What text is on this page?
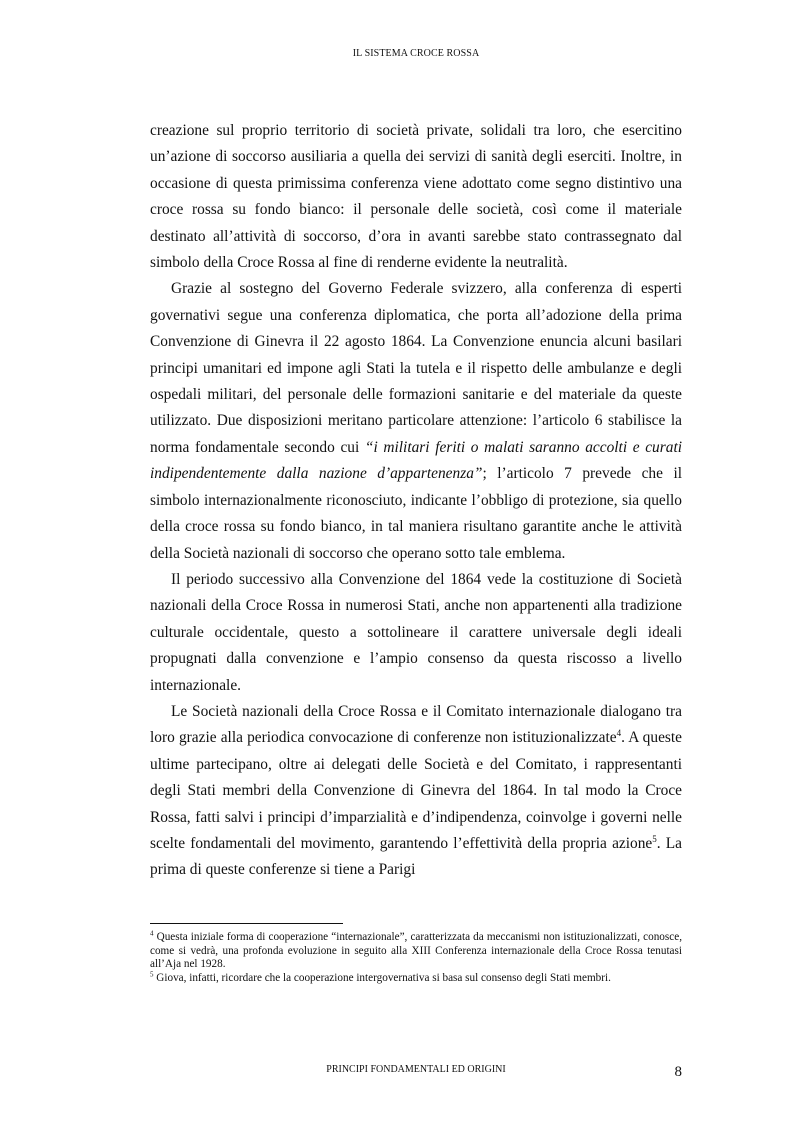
IL SISTEMA CROCE ROSSA

creazione sul proprio territorio di società private, solidali tra loro, che esercitino un’azione di soccorso ausiliaria a quella dei servizi di sanità degli eserciti. Inoltre, in occasione di questa primissima conferenza viene adottato come segno distintivo una croce rossa su fondo bianco: il personale delle società, così come il materiale destinato all’attività di soccorso, d’ora in avanti sarebbe stato contrassegnato dal simbolo della Croce Rossa al fine di renderne evidente la neutralità.

Grazie al sostegno del Governo Federale svizzero, alla conferenza di esperti governativi segue una conferenza diplomatica, che porta all’adozione della prima Convenzione di Ginevra il 22 agosto 1864. La Convenzione enuncia alcuni basilari principi umanitari ed impone agli Stati la tutela e il rispetto delle ambulanze e degli ospedali militari, del personale delle formazioni sanitarie e del materiale da queste utilizzato. Due disposizioni meritano particolare attenzione: l’articolo 6 stabilisce la norma fondamentale secondo cui “i militari feriti o malati saranno accolti e curati indipendentemente dalla nazione d’appartenenza”; l’articolo 7 prevede che il simbolo internazionalmente riconosciuto, indicante l’obbligo di protezione, sia quello della croce rossa su fondo bianco, in tal maniera risultano garantite anche le attività della Società nazionali di soccorso che operano sotto tale emblema.

Il periodo successivo alla Convenzione del 1864 vede la costituzione di Società nazionali della Croce Rossa in numerosi Stati, anche non appartenenti alla tradizione culturale occidentale, questo a sottolineare il carattere universale degli ideali propugnati dalla convenzione e l’ampio consenso da questa riscosso a livello internazionale.

Le Società nazionali della Croce Rossa e il Comitato internazionale dialogano tra loro grazie alla periodica convocazione di conferenze non istituzionalizzate$^4$. A queste ultime partecipano, oltre ai delegati delle Società e del Comitato, i rappresentanti degli Stati membri della Convenzione di Ginevra del 1864. In tal modo la Croce Rossa, fatti salvi i principi d’imparzialità e d’indipendenza, coinvolge i governi nelle scelte fondamentali del movimento, garantendo l’effettività della propria azione$^5$. La prima di queste conferenze si tiene a Parigi

$^4$ Questa iniziale forma di cooperazione “internazionale”, caratterizzata da meccanismi non istituzionalizzati, conosce, come si vedrà, una profonda evoluzione in seguito alla XIII Conferenza internazionale della Croce Rossa tenutasi all’Aja nel 1928.

$^5$ Giova, infatti, ricordare che la cooperazione intergovernativa si basa sul consenso degli Stati membri.

PRINCIPI FONDAMENTALI ED ORIGINI	8
